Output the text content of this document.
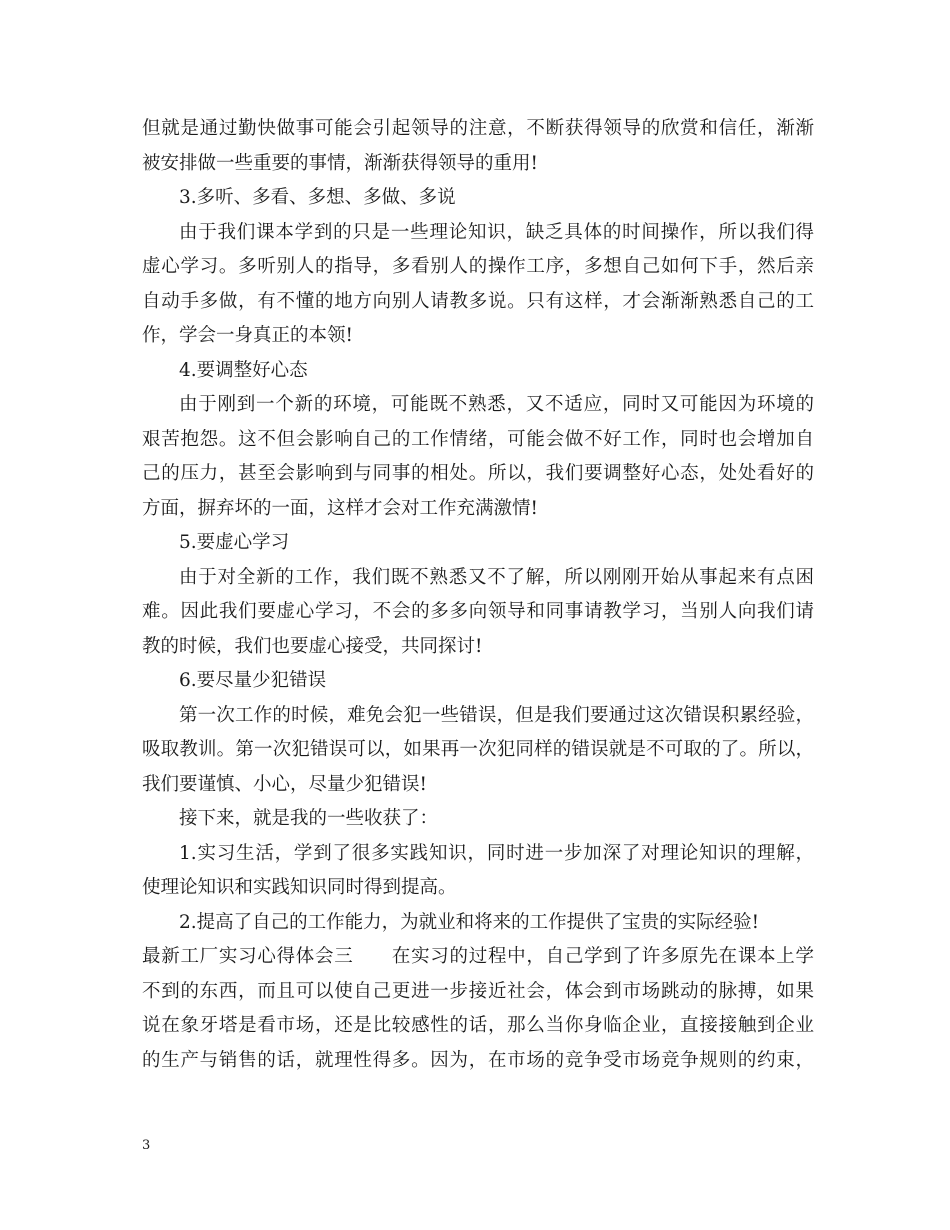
但就是通过勤快做事可能会引起领导的注意，不断获得领导的欣赏和信任，渐渐
被安排做一些重要的事情，渐渐获得领导的重用!
3.多听、多看、多想、多做、多说
由于我们课本学到的只是一些理论知识，缺乏具体的时间操作，所以我们得
虚心学习。多听别人的指导，多看别人的操作工序，多想自己如何下手，然后亲
自动手多做，有不懂的地方向别人请教多说。只有这样，才会渐渐熟悉自己的工
作，学会一身真正的本领!
4.要调整好心态
由于刚到一个新的环境，可能既不熟悉，又不适应，同时又可能因为环境的
艰苦抱怨。这不但会影响自己的工作情绪，可能会做不好工作，同时也会增加自
己的压力，甚至会影响到与同事的相处。所以，我们要调整好心态，处处看好的
方面，摒弃坏的一面，这样才会对工作充满激情!
5.要虚心学习
由于对全新的工作，我们既不熟悉又不了解，所以刚刚开始从事起来有点困
难。因此我们要虚心学习，不会的多多向领导和同事请教学习，当别人向我们请
教的时候，我们也要虚心接受，共同探讨!
6.要尽量少犯错误
第一次工作的时候，难免会犯一些错误，但是我们要通过这次错误积累经验，
吸取教训。第一次犯错误可以，如果再一次犯同样的错误就是不可取的了。所以，
我们要谨慎、小心，尽量少犯错误!
接下来，就是我的一些收获了：
1.实习生活，学到了很多实践知识，同时进一步加深了对理论知识的理解，
使理论知识和实践知识同时得到提高。
2.提高了自己的工作能力，为就业和将来的工作提供了宝贵的实际经验!
最新工厂实习心得体会三　　在实习的过程中，自己学到了许多原先在课本上学
不到的东西，而且可以使自己更进一步接近社会，体会到市场跳动的脉搏，如果
说在象牙塔是看市场，还是比较感性的话，那么当你身临企业，直接接触到企业
的生产与销售的话，就理性得多。因为，在市场的竞争受市场竞争规则的约束，
3
